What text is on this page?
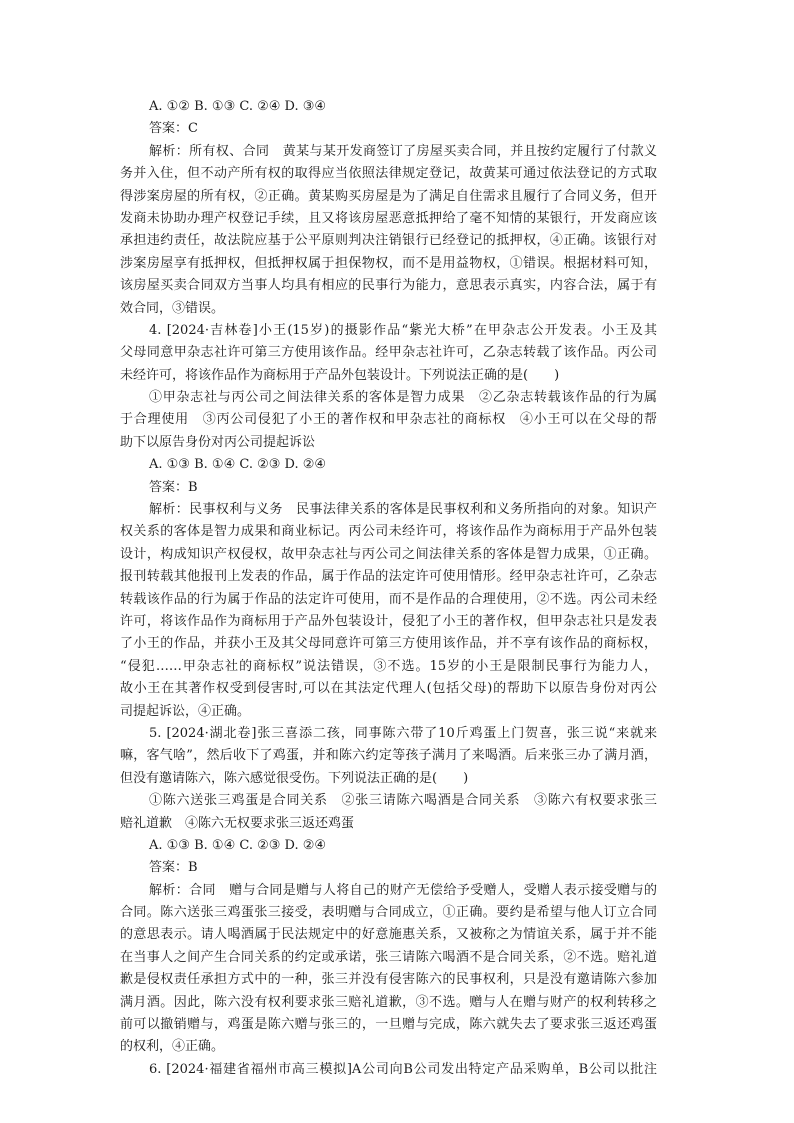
A. ①② B. ①③ C. ②④ D. ③④
答案：C
解析：所有权、合同　黄某与某开发商签订了房屋买卖合同，并且按约定履行了付款义
务并入住，但不动产所有权的取得应当依照法律规定登记，故黄某可通过依法登记的方式取
得涉案房屋的所有权，②正确。黄某购买房屋是为了满足自住需求且履行了合同义务，但开
发商未协助办理产权登记手续，且又将该房屋恶意抵押给了毫不知情的某银行，开发商应该
承担违约责任，故法院应基于公平原则判决注销银行已经登记的抵押权，④正确。该银行对
涉案房屋享有抵押权，但抵押权属于担保物权，而不是用益物权，①错误。根据材料可知，
该房屋买卖合同双方当事人均具有相应的民事行为能力，意思表示真实，内容合法，属于有
效合同，③错误。
4. [2024·吉林卷]小王(15岁)的摄影作品“紫光大桥”在甲杂志公开发表。小王及其
父母同意甲杂志社许可第三方使用该作品。经甲杂志社许可，乙杂志转载了该作品。丙公司
未经许可，将该作品作为商标用于产品外包装设计。下列说法正确的是(　　)
①甲杂志社与丙公司之间法律关系的客体是智力成果　②乙杂志转载该作品的行为属
于合理使用　③丙公司侵犯了小王的著作权和甲杂志社的商标权　④小王可以在父母的帮
助下以原告身份对丙公司提起诉讼
A. ①③ B. ①④ C. ②③ D. ②④
答案：B
解析：民事权利与义务　民事法律关系的客体是民事权利和义务所指向的对象。知识产
权关系的客体是智力成果和商业标记。丙公司未经许可，将该作品作为商标用于产品外包装
设计，构成知识产权侵权，故甲杂志社与丙公司之间法律关系的客体是智力成果，①正确。
报刊转载其他报刊上发表的作品，属于作品的法定许可使用情形。经甲杂志社许可，乙杂志
转载该作品的行为属于作品的法定许可使用，而不是作品的合理使用，②不选。丙公司未经
许可，将该作品作为商标用于产品外包装设计，侵犯了小王的著作权，但甲杂志社只是发表
了小王的作品，并获小王及其父母同意许可第三方使用该作品，并不享有该作品的商标权，
“侵犯……甲杂志社的商标权”说法错误，③不选。15岁的小王是限制民事行为能力人，
故小王在其著作权受到侵害时,可以在其法定代理人(包括父母)的帮助下以原告身份对丙公
司提起诉讼，④正确。
5. [2024·湖北卷]张三喜添二孩，同事陈六带了10斤鸡蛋上门贺喜，张三说“来就来
嘛，客气啥”，然后收下了鸡蛋，并和陈六约定等孩子满月了来喝酒。后来张三办了满月酒，
但没有邀请陈六，陈六感觉很受伤。下列说法正确的是(　　)
①陈六送张三鸡蛋是合同关系　②张三请陈六喝酒是合同关系　③陈六有权要求张三
赔礼道歉　④陈六无权要求张三返还鸡蛋
A. ①③ B. ①④ C. ②③ D. ②④
答案：B
解析：合同　赠与合同是赠与人将自己的财产无偿给予受赠人，受赠人表示接受赠与的
合同。陈六送张三鸡蛋张三接受，表明赠与合同成立，①正确。要约是希望与他人订立合同
的意思表示。请人喝酒属于民法规定中的好意施惠关系，又被称之为情谊关系，属于并不能
在当事人之间产生合同关系的约定或承诺，张三请陈六喝酒不是合同关系，②不选。赔礼道
歉是侵权责任承担方式中的一种，张三并没有侵害陈六的民事权利，只是没有邀请陈六参加
满月酒。因此，陈六没有权利要求张三赔礼道歉，③不选。赠与人在赠与财产的权利转移之
前可以撤销赠与，鸡蛋是陈六赠与张三的，一旦赠与完成，陈六就失去了要求张三返还鸡蛋
的权利，④正确。
6. [2024·福建省福州市高三模拟]A公司向B公司发出特定产品采购单，B公司以批注
